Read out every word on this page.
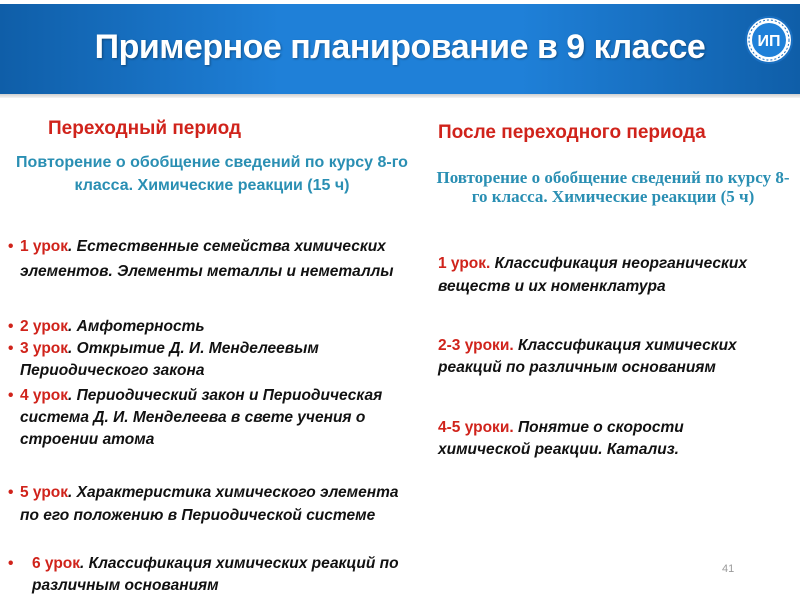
Примерное планирование в 9 классе	ИП
Переходный период	После переходного периода
Повторение о обобщение сведений по курсу 8-го класса. Химические реакции (15 ч)	Повторение о обобщение сведений по курсу 8-го класса. Химические реакции (5 ч)
• 1 урок. Естественные семейства химических элементов. Элементы металлы и неметаллы
• 2 урок. Амфотерность
• 3 урок. Открытие Д. И. Менделеевым Периодического закона
• 4 урок. Периодический закон и Периодическая система Д. И. Менделеева в свете учения о строении атома
• 5 урок. Характеристика химического элемента по его положению в Периодической системе
• 6 урок. Классификация химических реакций по различным основаниям
1 урок. Классификация неорганических веществ и их номенклатура
2-3 уроки. Классификация химических реакций по различным основаниям
4-5 уроки. Понятие о скорости химической реакции. Катализ.
41
